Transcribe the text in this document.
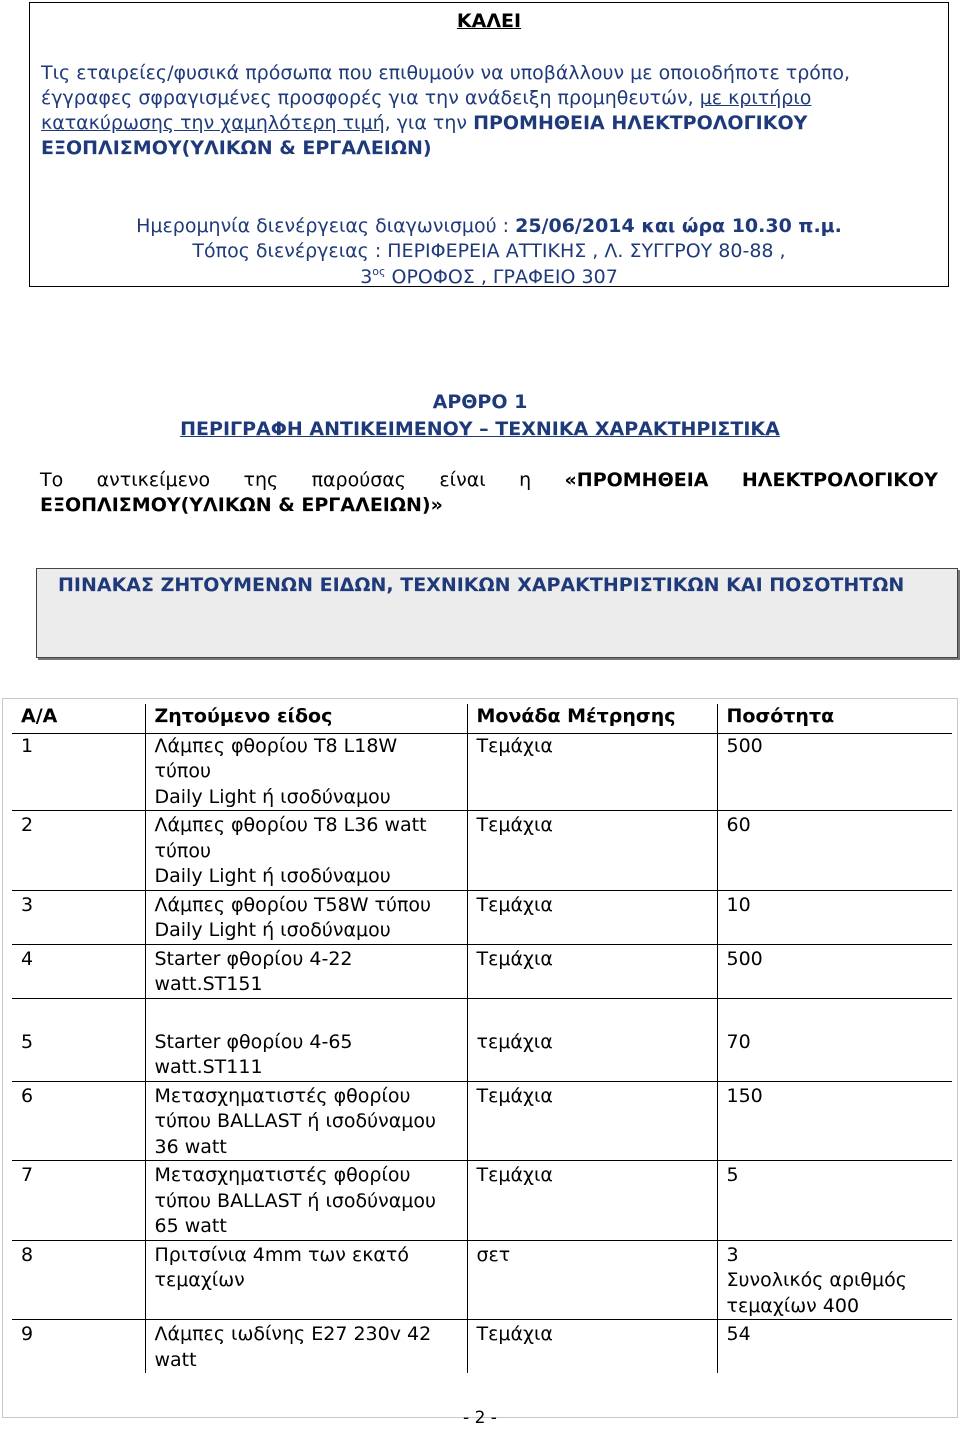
ΚΑΛΕΙ

Τις εταιρείες/φυσικά πρόσωπα που επιθυμούν να υποβάλλουν με οποιοδήποτε τρόπο, έγγραφες σφραγισμένες προσφορές για την ανάδειξη προμηθευτών, με κριτήριο κατακύρωσης την χαμηλότερη τιμή, για την ΠΡΟΜΗΘΕΙΑ ΗΛΕΚΤΡΟΛΟΓΙΚΟΥ ΕΞΟΠΛΙΣΜΟΥ(ΥΛΙΚΩΝ & ΕΡΓΑΛΕΙΩΝ)

Ημερομηνία διενέργειας διαγωνισμού : 25/06/2014 και ώρα 10.30 π.μ.
Τόπος διενέργειας : ΠΕΡΙΦΕΡΕΙΑ ΑΤΤΙΚΗΣ , Λ. ΣΥΓΓΡΟΥ 80-88 ,
$3^{o\varsigma}$ ΟΡΟΦΟΣ , ΓΡΑΦΕΙΟ 307
ΑΡΘΡΟ 1
ΠΕΡΙΓΡΑΦΗ ΑΝΤΙΚΕΙΜΕΝΟΥ – ΤΕΧΝΙΚΑ ΧΑΡΑΚΤΗΡΙΣΤΙΚΑ

Το αντικείμενο της παρούσας είναι η «ΠΡΟΜΗΘΕΙΑ ΗΛΕΚΤΡΟΛΟΓΙΚΟΥ

ΕΞΟΠΛΙΣΜΟΥ(ΥΛΙΚΩΝ & ΕΡΓΑΛΕΙΩΝ)»

ΠΙΝΑΚΑΣ ΖΗΤΟΥΜΕΝΩΝ ΕΙΔΩΝ, ΤΕΧΝΙΚΩΝ ΧΑΡΑΚΤΗΡΙΣΤΙΚΩΝ ΚΑΙ ΠΟΣΟΤΗΤΩΝ
Α/Α	Ζητούμενο είδος	Μονάδα Μέτρησης	Ποσότητα
1	Λάμπες φθορίου Τ8 L18W
τύπου
Daily Light ή ισοδύναμου	Τεμάχια	500
2	Λάμπες φθορίου Τ8 L36 watt
τύπου
Daily Light ή ισοδύναμου	Τεμάχια	60
3	Λάμπες φθορίου T58W τύπου
Daily Light ή ισοδύναμου	Τεμάχια	10
4	Starter φθορίου 4-22
watt.ST151	Τεμάχια	500
5	Starter φθορίου 4-65
watt.ST111	τεμάχια	70
6	Μετασχηματιστές φθορίου
τύπου BALLAST ή ισοδύναμου
36 watt	Τεμάχια	150
7	Μετασχηματιστές φθορίου
τύπου BALLAST ή ισοδύναμου
65 watt	Τεμάχια	5
8	Πριτσίνια 4mm των εκατό
τεμαχίων	σετ	3
Συνολικός αριθμός
τεμαχίων 400
9	Λάμπες ιωδίνης Ε27 230v 42
watt	Τεμάχια	54
- 2 -
